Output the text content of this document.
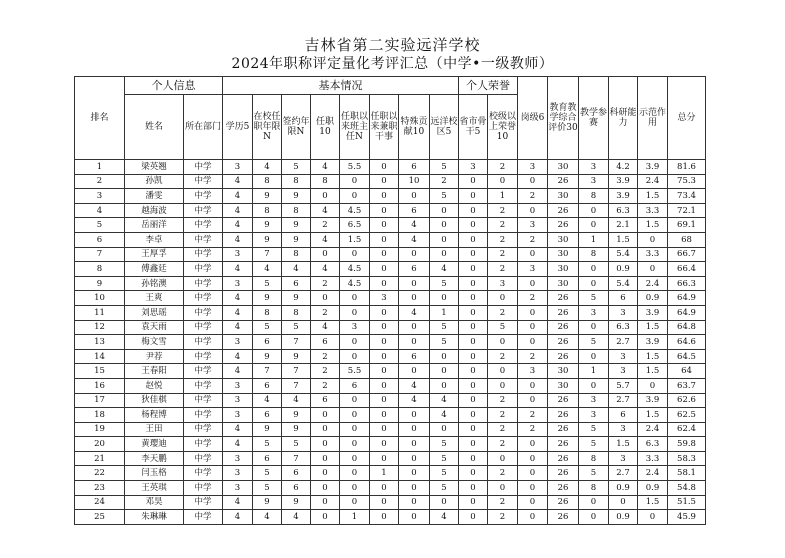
吉林省第二实验远洋学校
2024年职称评定量化考评汇总（中学•一级教师）
排名	个人信息		基本情况								个人荣誉		岗级6	教育教学综合评价30	教学参赛	科研能力	示范作用	总分
	姓名	所在部门	学历5	在校任职年限N	签约年限N	任职10	任职以来班主任N	任职以来兼职干事	特殊贡献10	远洋校区5	省市骨干5	校级以上荣誉10						
1	梁英翘	中学	3	4	5	4	5.5	0	6	5	3	2	3	30	3	4.2	3.9	81.6
2	孙凯	中学	4	8	8	8	0	0	10	2	0	0	0	26	3	3.9	2.4	75.3
3	潘雯	中学	4	9	9	0	0	0	0	5	0	1	2	30	8	3.9	1.5	73.4
4	越海波	中学	4	8	8	4	4.5	0	6	0	0	2	0	26	0	6.3	3.3	72.1
5	岳丽洋	中学	4	9	9	2	6.5	0	4	0	0	2	3	26	0	2.1	1.5	69.1
6	李卓	中学	4	9	9	4	1.5	0	4	0	0	2	2	30	1	1.5	0	68
7	王厚孚	中学	3	7	8	0	0	0	0	0	0	2	0	30	8	5.4	3.3	66.7
8	傅鑫廷	中学	4	4	4	4	4.5	0	6	4	0	2	3	30	0	0.9	0	66.4
9	孙铭澳	中学	3	5	6	2	4.5	0	0	5	0	3	0	30	0	5.4	2.4	66.3
10	王爽	中学	4	9	9	0	0	3	0	0	0	0	2	26	5	6	0.9	64.9
11	刘思瑶	中学	4	8	8	2	0	0	4	1	0	2	0	26	3	3	3.9	64.9
12	袁天雨	中学	4	5	5	4	3	0	0	5	0	5	0	26	0	6.3	1.5	64.8
13	梅文雪	中学	3	6	7	6	0	0	0	5	0	0	0	26	5	2.7	3.9	64.6
14	尹荐	中学	4	9	9	2	0	0	6	0	0	2	2	26	0	3	1.5	64.5
15	王春阳	中学	4	7	7	2	5.5	0	0	0	0	0	3	30	1	3	1.5	64
16	赵悦	中学	3	6	7	2	6	0	4	0	0	0	0	30	0	5.7	0	63.7
17	狄佳棋	中学	3	4	4	6	0	0	4	4	0	2	0	26	3	2.7	3.9	62.6
18	杨程博	中学	3	6	9	0	0	0	0	4	0	2	2	26	3	6	1.5	62.5
19	王田	中学	4	9	9	0	0	0	0	0	0	2	2	26	5	3	2.4	62.4
20	黄璎迪	中学	4	5	5	0	0	0	0	5	0	2	0	26	5	1.5	6.3	59.8
21	李天鹏	中学	3	6	7	0	0	0	0	5	0	0	0	26	8	3	3.3	58.3
22	闫玉格	中学	3	5	6	0	0	1	0	5	0	2	0	26	5	2.7	2.4	58.1
23	王英琪	中学	3	5	6	0	0	0	0	5	0	0	0	26	8	0.9	0.9	54.8
24	邓昊	中学	4	9	9	0	0	0	0	0	0	2	0	26	0	0	1.5	51.5
25	朱琳琳	中学	4	4	4	0	1	0	0	4	0	2	0	26	0	0.9	0	45.9
